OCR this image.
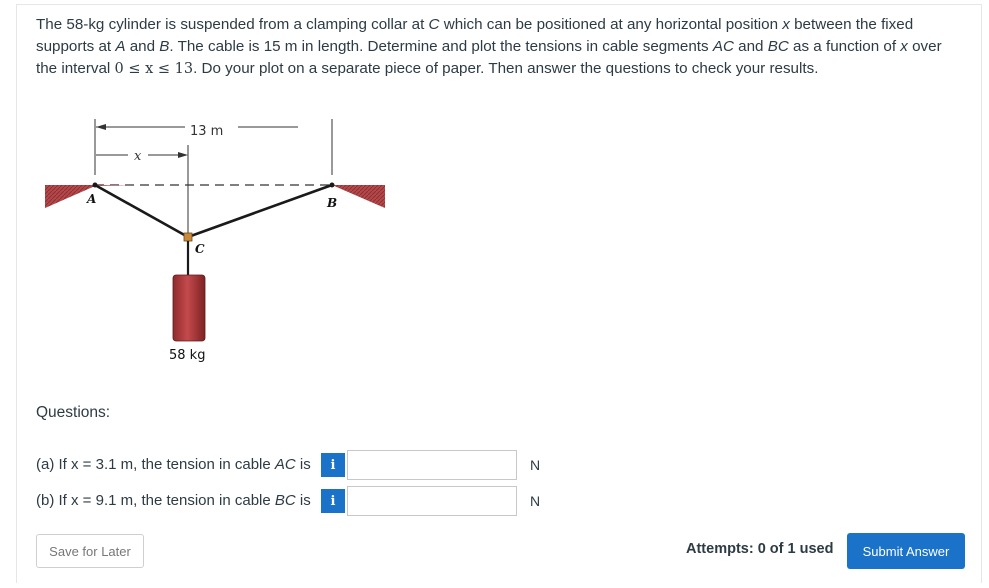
The 58-kg cylinder is suspended from a clamping collar at C which can be positioned at any horizontal position x between the fixed supports at A and B. The cable is 15 m in length. Determine and plot the tensions in cable segments AC and BC as a function of x over the interval 0 ≤ x ≤ 13. Do your plot on a separate piece of paper. Then answer the questions to check your results.
13 m
x
A	B
C
58 kg
Questions:
(a) If x = 3.1 m, the tension in cable AC is	i	N
(b) If x = 9.1 m, the tension in cable BC is	i	N
Save for Later	Attempts: 0 of 1 used	Submit Answer
